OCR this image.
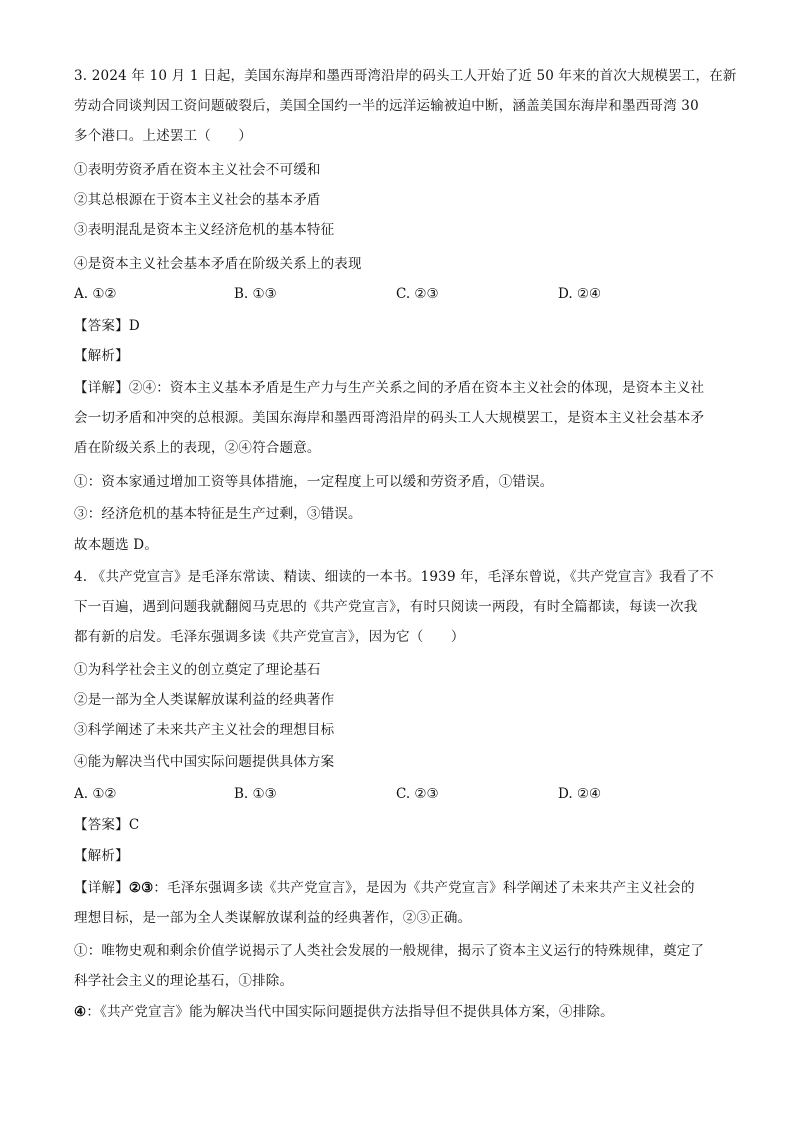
3. 2024 年 10 月 1 日起，美国东海岸和墨西哥湾沿岸的码头工人开始了近 50 年来的首次大规模罢工，在新
劳动合同谈判因工资问题破裂后，美国全国约一半的远洋运输被迫中断，涵盖美国东海岸和墨西哥湾 30
多个港口。上述罢工（　　）
①表明劳资矛盾在资本主义社会不可缓和
②其总根源在于资本主义社会的基本矛盾
③表明混乱是资本主义经济危机的基本特征
④是资本主义社会基本矛盾在阶级关系上的表现
A. ①②	B. ①③	C. ②③	D. ②④
【答案】D
【解析】
【详解】②④：资本主义基本矛盾是生产力与生产关系之间的矛盾在资本主义社会的体现，是资本主义社
会一切矛盾和冲突的总根源。美国东海岸和墨西哥湾沿岸的码头工人大规模罢工，是资本主义社会基本矛
盾在阶级关系上的表现，②④符合题意。
①：资本家通过增加工资等具体措施，一定程度上可以缓和劳资矛盾，①错误。
③：经济危机的基本特征是生产过剩，③错误。
故本题选 D。
4. 《共产党宣言》是毛泽东常读、精读、细读的一本书。1939 年，毛泽东曾说，《共产党宣言》我看了不
下一百遍，遇到问题我就翻阅马克思的《共产党宣言》，有时只阅读一两段，有时全篇都读，每读一次我
都有新的启发。毛泽东强调多读《共产党宣言》，因为它（　　）
①为科学社会主义的创立奠定了理论基石
②是一部为全人类谋解放谋利益的经典著作
③科学阐述了未来共产主义社会的理想目标
④能为解决当代中国实际问题提供具体方案
A. ①②	B. ①③	C. ②③	D. ②④
【答案】C
【解析】
【详解】②③：毛泽东强调多读《共产党宣言》，是因为《共产党宣言》科学阐述了未来共产主义社会的
理想目标，是一部为全人类谋解放谋利益的经典著作，②③正确。
①：唯物史观和剩余价值学说揭示了人类社会发展的一般规律，揭示了资本主义运行的特殊规律，奠定了
科学社会主义的理论基石，①排除。
④：《共产党宣言》能为解决当代中国实际问题提供方法指导但不提供具体方案，④排除。
